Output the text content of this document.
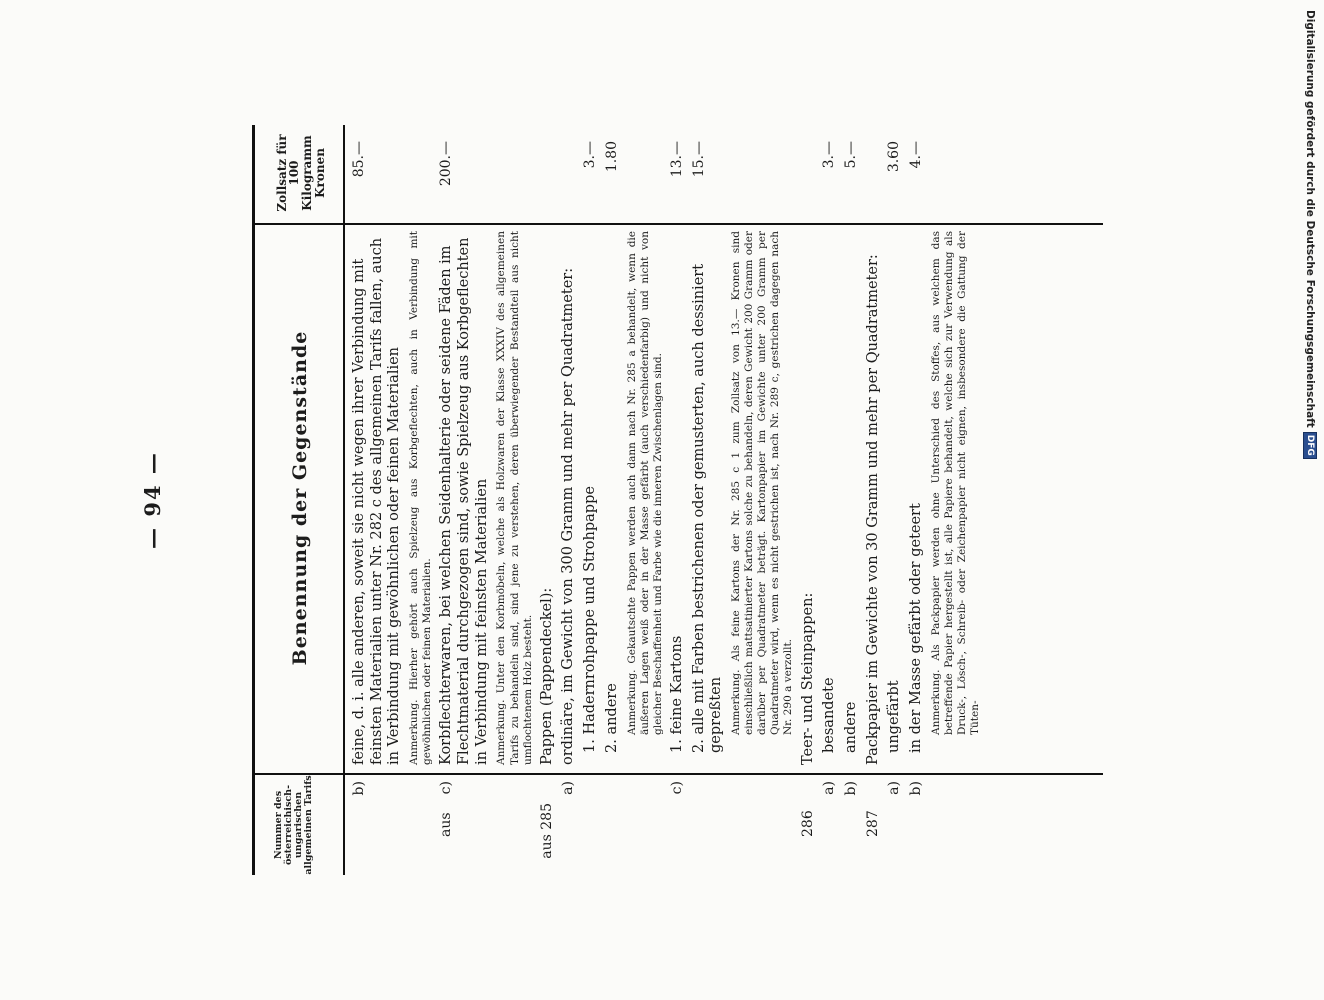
— 94 —
Nummer des österreichisch-ungarischen allgemeinen Tarifs
Benennung der Gegenstände
Zollsatz für 100 Kilogramm Kronen
b)
feine, d. i. alle anderen, soweit sie nicht wegen ihrer Verbindung mit feinsten Materialien unter Nr. 282 c des allgemeinen Tarifs fallen, auch in Verbindung mit gewöhnlichen oder feinen Materialien
85.—
Anmerkung. Hierher gehört auch Spielzeug aus Korbgeflechten, auch in Verbindung mit gewöhnlichen oder feinen Materialien.
ausc)
Korbflechterwaren, bei welchen Seidenhalterie oder seidene Fäden im Flechtmaterial durchgezogen sind, sowie Spielzeug aus Korbgeflechten in Verbindung mit feinsten Materialien
200.—
Anmerkung. Unter den Korbmöbeln, welche als Holzwaren der Klasse XXXIV des allgemeinen Tarifs zu behandeln sind, sind jene zu verstehen, deren überwiegender Bestandteil aus nicht umflochtenem Holz besteht.
aus 285
Pappen (Pappendeckel):
a)
ordinäre, im Gewicht von 300 Gramm und mehr per Quadratmeter: 1. Hadernrohpappe und Strohpappe
3.—
2. andere
1.80
Anmerkung. Gekautschte Pappen werden auch dann nach Nr. 285 a behandelt, wenn die äußeren Lagen weiß oder in der Masse gefärbt (auch verschiedenfarbig) und nicht von gleicher Beschaffenheit und Farbe wie die inneren Zwischenlagen sind.
c)
1. feine Kartons
13.—
2. alle mit Farben bestrichenen oder gemusterten, auch dessiniert gepreßten
15.—
Anmerkung. Als feine Kartons der Nr. 285 c 1 zum Zollsatz von 13.— Kronen sind einschließlich mattsatinierter Kartons solche zu behandeln, deren Gewicht 200 Gramm oder darüber per Quadratmeter beträgt. Kartonpapier im Gewichte unter 200 Gramm per Quadratmeter wird, wenn es nicht gestrichen ist, nach Nr. 289 c, gestrichen dagegen nach Nr. 290 a verzollt.
286
Teer- und Steinpappen:
a)
besandete
3.—
b)
andere
5.—
287
Packpapier im Gewichte von 30 Gramm und mehr per Quadratmeter:
a)
ungefärbt
3.60
b)
in der Masse gefärbt oder geteert
4.—
Anmerkung. Als Packpapier werden ohne Unterschied des Stoffes, aus welchem das betreffende Papier hergestellt ist, alle Papiere behandelt, welche sich zur Verwendung als Druck-, Lösch-, Schreib- oder Zeichenpapier nicht eignen, insbesondere die Gattung der Tüten-
Digitalisierung gefördert durch die Deutsche Forschungsgemeinschaft
DFG
